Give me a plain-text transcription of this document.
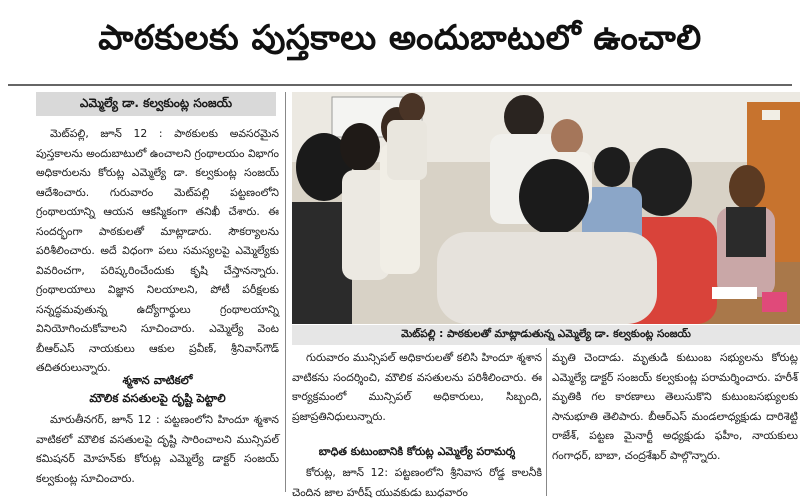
పాఠకులకు పుస్తకాలు అందుబాటులో ఉంచాలి
ఎమ్మెల్యే డా. కల్వకుంట్ల సంజయ్

మెట్‌పల్లి, జూన్ 12 : పాఠకులకు అవసరమైన పుస్తకాలను అందుబాటులో ఉంచాలని గ్రంథాలయం విభాగం అధికారులను కోరుట్ల ఎమ్మెల్యే డా. కల్వకుంట్ల సంజయ్ ఆదేశించారు. గురువారం మెట్‌పల్లి పట్టణంలోని గ్రంథాలయాన్ని ఆయన ఆకస్మికంగా తనిఖీ చేశారు. ఈ సందర్భంగా పాఠకులతో మాట్లాడారు. సౌకర్యాలను పరిశీలించారు. అదే విధంగా పలు సమస్యలపై ఎమ్మెల్యేకు వివరించగా, పరిష్కరించేందుకు కృషి చేస్తానన్నారు. గ్రంథాలయాలు విజ్ఞాన నిలయాలని, పోటీ పరీక్షలకు సన్నద్ధమవుతున్న ఉద్యోగార్థులు గ్రంథాలయాన్ని వినియోగించుకోవాలని సూచించారు. ఎమ్మెల్యే వెంట బీఆర్ఎస్ నాయకులు ఆకుల ప్రవీణ్, శ్రీనివాస్‌గౌడ్ తదితరులున్నారు.

శ్మశాన వాటికలో
మౌలిక వసతులపై దృష్టి పెట్టాలి

మారుతీనగర్, జూన్ 12 : పట్టణంలోని హిందూ శ్మశాన వాటికలో మౌలిక వసతులపై దృష్టి సారించాలని మున్సిపల్ కమిషనర్ మోహన్‌కు కోరుట్ల ఎమ్మెల్యే డాక్టర్ సంజయ్ కల్వకుంట్ల సూచించారు.

మెట్‌పల్లి : పాఠకులతో మాట్లాడుతున్న ఎమ్మెల్యే డా. కల్వకుంట్ల సంజయ్

గురువారం మున్సిపల్ అధికారులతో కలిసి హిందూ శ్మశాన వాటికను సందర్శించి, మౌలిక వసతులను పరిశీలించారు. ఈ కార్యక్రమంలో మున్సిపల్ అధికారులు, సిబ్బంది, ప్రజాప్రతినిధులున్నారు.

బాధిత కుటుంబానికి కోరుట్ల ఎమ్మెల్యే పరామర్శ

కోరుట్ల, జూన్ 12: పట్టణంలోని శ్రీనివాస రోడ్డ కాలనీకి చెందిన జాల హరీష్ యువకుడు బుధవారం

మృతి చెందాడు. మృతుడి కుటుంబ సభ్యులను కోరుట్ల ఎమ్మెల్యే డాక్టర్ సంజయ్ కల్వకుంట్ల పరామర్శించారు. హరీశ్ మృతికి గల కారణాలు తెలుసుకొని కుటుంబసభ్యులకు సానుభూతి తెలిపారు. బీఆర్ఎస్ మండలాధ్యక్షుడు దారిశెట్టి రాజేశ్, పట్టణ మైనార్టీ అధ్యక్షుడు ఫహీం, నాయకులు గంగాధర్, బాబా, చంద్రశేఖర్ పాల్గొన్నారు.
